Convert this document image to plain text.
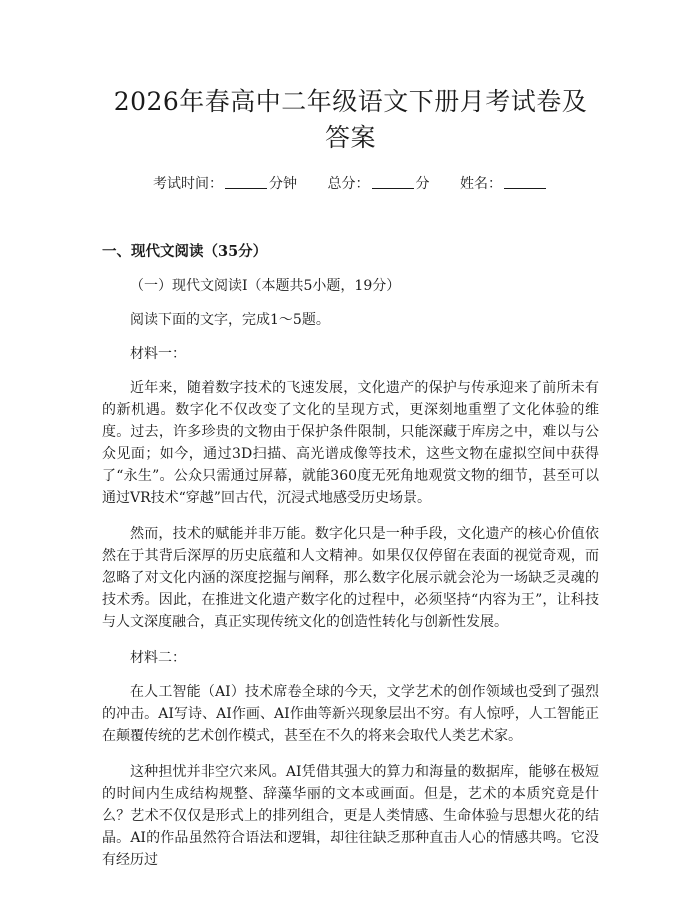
2026年春高中二年级语文下册月考试卷及答案
考试时间：	分钟 总分：	分 姓名：
一、现代文阅读（35分）
（一）现代文阅读Ⅰ（本题共5小题，19分）
阅读下面的文字，完成1～5题。
材料一：

近年来，随着数字技术的飞速发展，文化遗产的保护与传承迎来了前所未有的新机遇。数字化不仅改变了文化的呈现方式，更深刻地重塑了文化体验的维度。过去，许多珍贵的文物由于保护条件限制，只能深藏于库房之中，难以与公众见面；如今，通过3D扫描、高光谱成像等技术，这些文物在虚拟空间中获得了“永生”。公众只需通过屏幕，就能360度无死角地观赏文物的细节，甚至可以通过VR技术“穿越”回古代，沉浸式地感受历史场景。

然而，技术的赋能并非万能。数字化只是一种手段，文化遗产的核心价值依然在于其背后深厚的历史底蕴和人文精神。如果仅仅停留在表面的视觉奇观，而忽略了对文化内涵的深度挖掘与阐释，那么数字化展示就会沦为一场缺乏灵魂的技术秀。因此，在推进文化遗产数字化的过程中，必须坚持“内容为王”，让科技与人文深度融合，真正实现传统文化的创造性转化与创新性发展。

材料二：

在人工智能（AI）技术席卷全球的今天，文学艺术的创作领域也受到了强烈的冲击。AI写诗、AI作画、AI作曲等新兴现象层出不穷。有人惊呼，人工智能正在颠覆传统的艺术创作模式，甚至在不久的将来会取代人类艺术家。

这种担忧并非空穴来风。AI凭借其强大的算力和海量的数据库，能够在极短的时间内生成结构规整、辞藻华丽的文本或画面。但是，艺术的本质究竟是什么？艺术不仅仅是形式上的排列组合，更是人类情感、生命体验与思想火花的结晶。AI的作品虽然符合语法和逻辑，却往往缺乏那种直击人心的情感共鸣。它没有经历过
